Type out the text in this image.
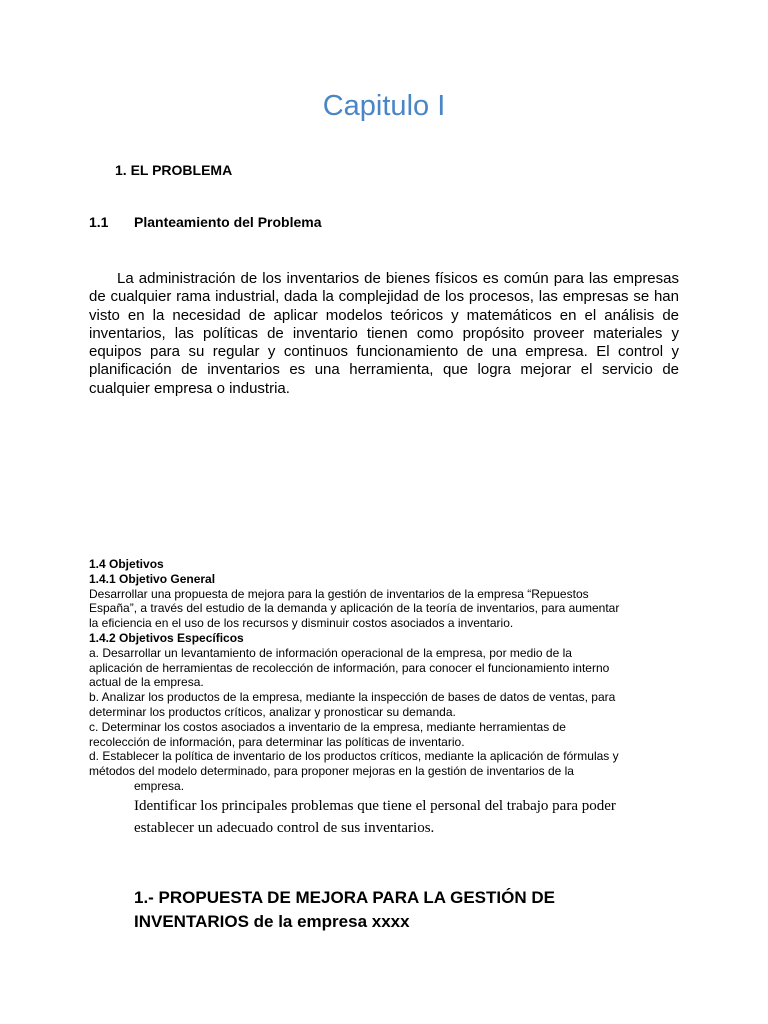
Capitulo I
1. EL PROBLEMA
1.1 Planteamiento del Problema
La administración de los inventarios de bienes físicos es común para las empresas de cualquier rama industrial, dada la complejidad de los procesos, las empresas se han visto en la necesidad de aplicar modelos teóricos y matemáticos en el análisis de inventarios, las políticas de inventario tienen como propósito proveer materiales y equipos para su regular y continuos funcionamiento de una empresa. El control y planificación de inventarios es una herramienta, que logra mejorar el servicio de cualquier empresa o industria.
1.4 Objetivos
1.4.1 Objetivo General
Desarrollar una propuesta de mejora para la gestión de inventarios de la empresa “Repuestos
España”, a través del estudio de la demanda y aplicación de la teoría de inventarios, para aumentar
la eficiencia en el uso de los recursos y disminuir costos asociados a inventario.
1.4.2 Objetivos Específicos
a. Desarrollar un levantamiento de información operacional de la empresa, por medio de la
aplicación de herramientas de recolección de información, para conocer el funcionamiento interno
actual de la empresa.
b. Analizar los productos de la empresa, mediante la inspección de bases de datos de ventas, para
determinar los productos críticos, analizar y pronosticar su demanda.
c. Determinar los costos asociados a inventario de la empresa, mediante herramientas de
recolección de información, para determinar las políticas de inventario.
d. Establecer la política de inventario de los productos críticos, mediante la aplicación de fórmulas y
métodos del modelo determinado, para proponer mejoras en la gestión de inventarios de la
empresa.
Identificar los principales problemas que tiene el personal del trabajo para poder
establecer un adecuado control de sus inventarios.
1.- PROPUESTA DE MEJORA PARA LA GESTIÓN DE INVENTARIOS de la empresa xxxx
